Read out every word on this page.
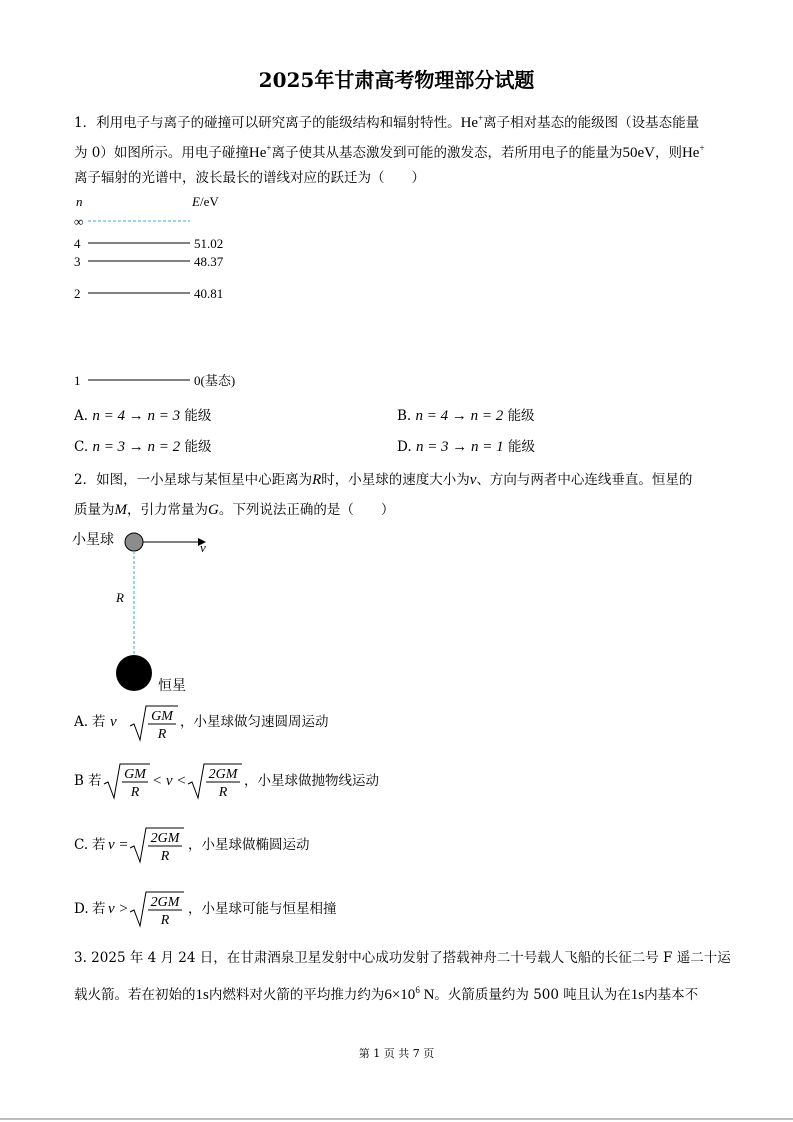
2025年甘肃高考物理部分试题
1．利用电子与离子的碰撞可以研究离子的能级结构和辐射特性。He+离子相对基态的能级图（设基态能量
为 0）如图所示。用电子碰撞He+离子使其从基态激发到可能的激发态，若所用电子的能量为50eV，则He+
离子辐射的光谱中，波长最长的谱线对应的跃迁为（　　）
n	E/eV
∞
4	51.02
3	48.37
2	40.81
1	0(基态)
A. n = 4 → n = 3 能级	B. n = 4 → n = 2 能级
C. n = 3 → n = 2 能级	D. n = 3 → n = 1 能级
2．如图，一小星球与某恒星中心距离为R时，小星球的速度大小为v、方向与两者中心连线垂直。恒星的
质量为M，引力常量为G。下列说法正确的是（　　）
小星球	v
R
恒星
A. 若 v GM
R
，小星球做匀速圆周运动
B 若 GM
R
< v < 2GM
R
，小星球做抛物线运动
C. 若 v = 2GM
R
，小星球做椭圆运动
D. 若 v > 2GM
R
，小星球可能与恒星相撞
3. 2025 年 4 月 24 日，在甘肃酒泉卫星发射中心成功发射了搭载神舟二十号载人飞船的长征二号 F 遥二十运
载火箭。若在初始的1s内燃料对火箭的平均推力约为$6\times 10^6$ N。火箭质量约为 500 吨且认为在1s内基本不
第 1 页 共 7 页
